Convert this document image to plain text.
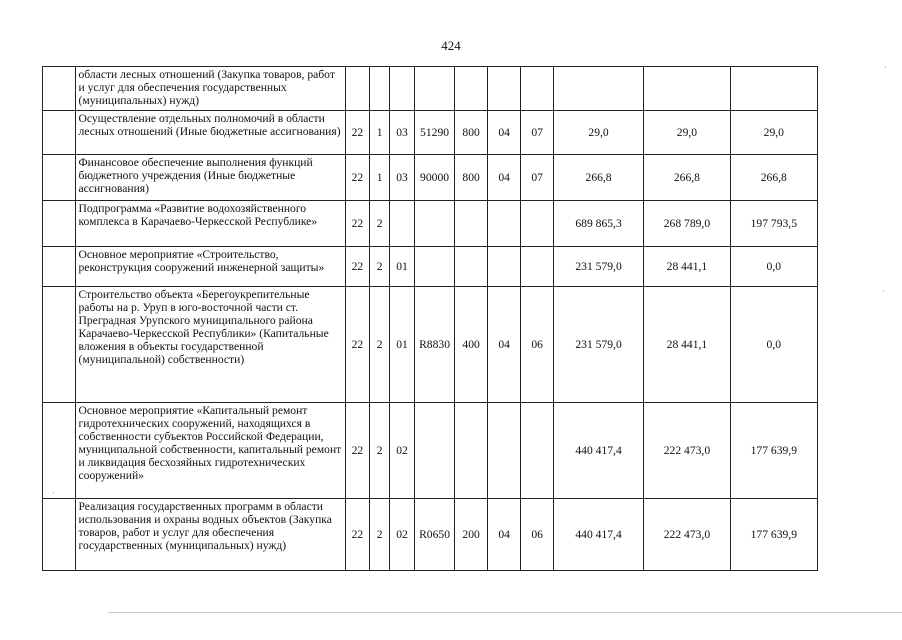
424
	области лесных отношений (Закупка товаров, работ и услуг для обеспечения государственных (муниципальных) нужд)										
	Осуществление отдельных полномочий в области лесных отношений (Иные бюджетные ассигнования)	22	1	03	51290	800	04	07	29,0	29,0	29,0
	Финансовое обеспечение выполнения функций бюджетного учреждения (Иные бюджетные ассигнования)	22	1	03	90000	800	04	07	266,8	266,8	266,8
	Подпрограмма «Развитие водохозяйственного комплекса в Карачаево-Черкесской Республике»	22	2						689 865,3	268 789,0	197 793,5
	Основное мероприятие «Строительство, реконструкция сооружений инженерной защиты»	22	2	01					231 579,0	28 441,1	0,0
	Строительство объекта «Берегоукрепительные работы на р. Уруп в юго-восточной части ст. Преградная Урупского муниципального района Карачаево-Черкесской Республики» (Капитальные вложения в объекты государственной (муниципальной) собственности)	22	2	01	R8830	400	04	06	231 579,0	28 441,1	0,0
	Основное мероприятие «Капитальный ремонт гидротехнических сооружений, находящихся в собственности субъектов Российской Федерации, муниципальной собственности, капитальный ремонт и ликвидация бесхозяйных гидротехнических сооружений»	22	2	02					440 417,4	222 473,0	177 639,9
	Реализация государственных программ в области использования и охраны водных объектов (Закупка товаров, работ и услуг для обеспечения государственных (муниципальных) нужд)	22	2	02	R0650	200	04	06	440 417,4	222 473,0	177 639,9
·
·
·
